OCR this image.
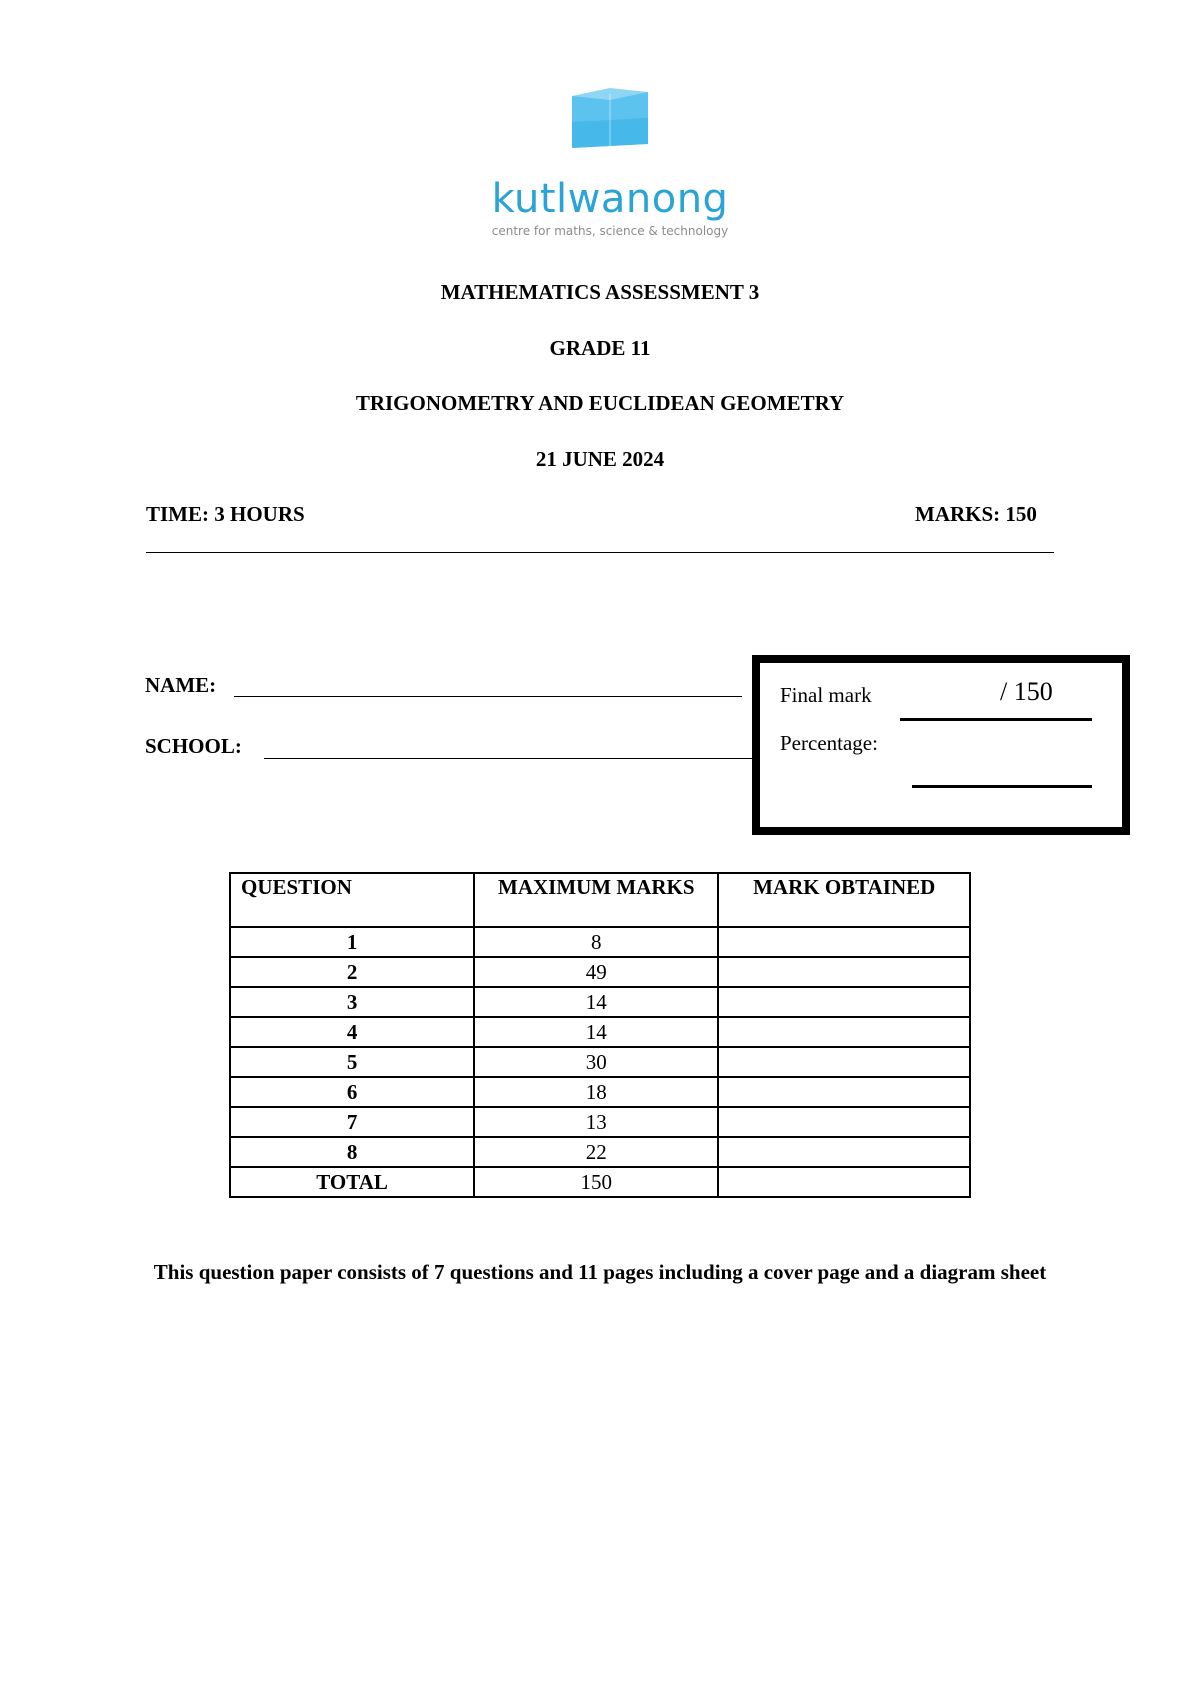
kutlwanong
centre for maths, science & technology
MATHEMATICS ASSESSMENT 3
GRADE 11
TRIGONOMETRY AND EUCLIDEAN GEOMETRY
21 JUNE 2024
TIME: 3 HOURS	MARKS: 150
NAME:
SCHOOL:
Final mark	/ 150
Percentage:
QUESTION	MAXIMUM MARKS	MARK OBTAINED
1	8	
2	49	
3	14	
4	14	
5	30	
6	18	
7	13	
8	22	
TOTAL	150	
This question paper consists of 7 questions and 11 pages including a cover page and a diagram sheet
